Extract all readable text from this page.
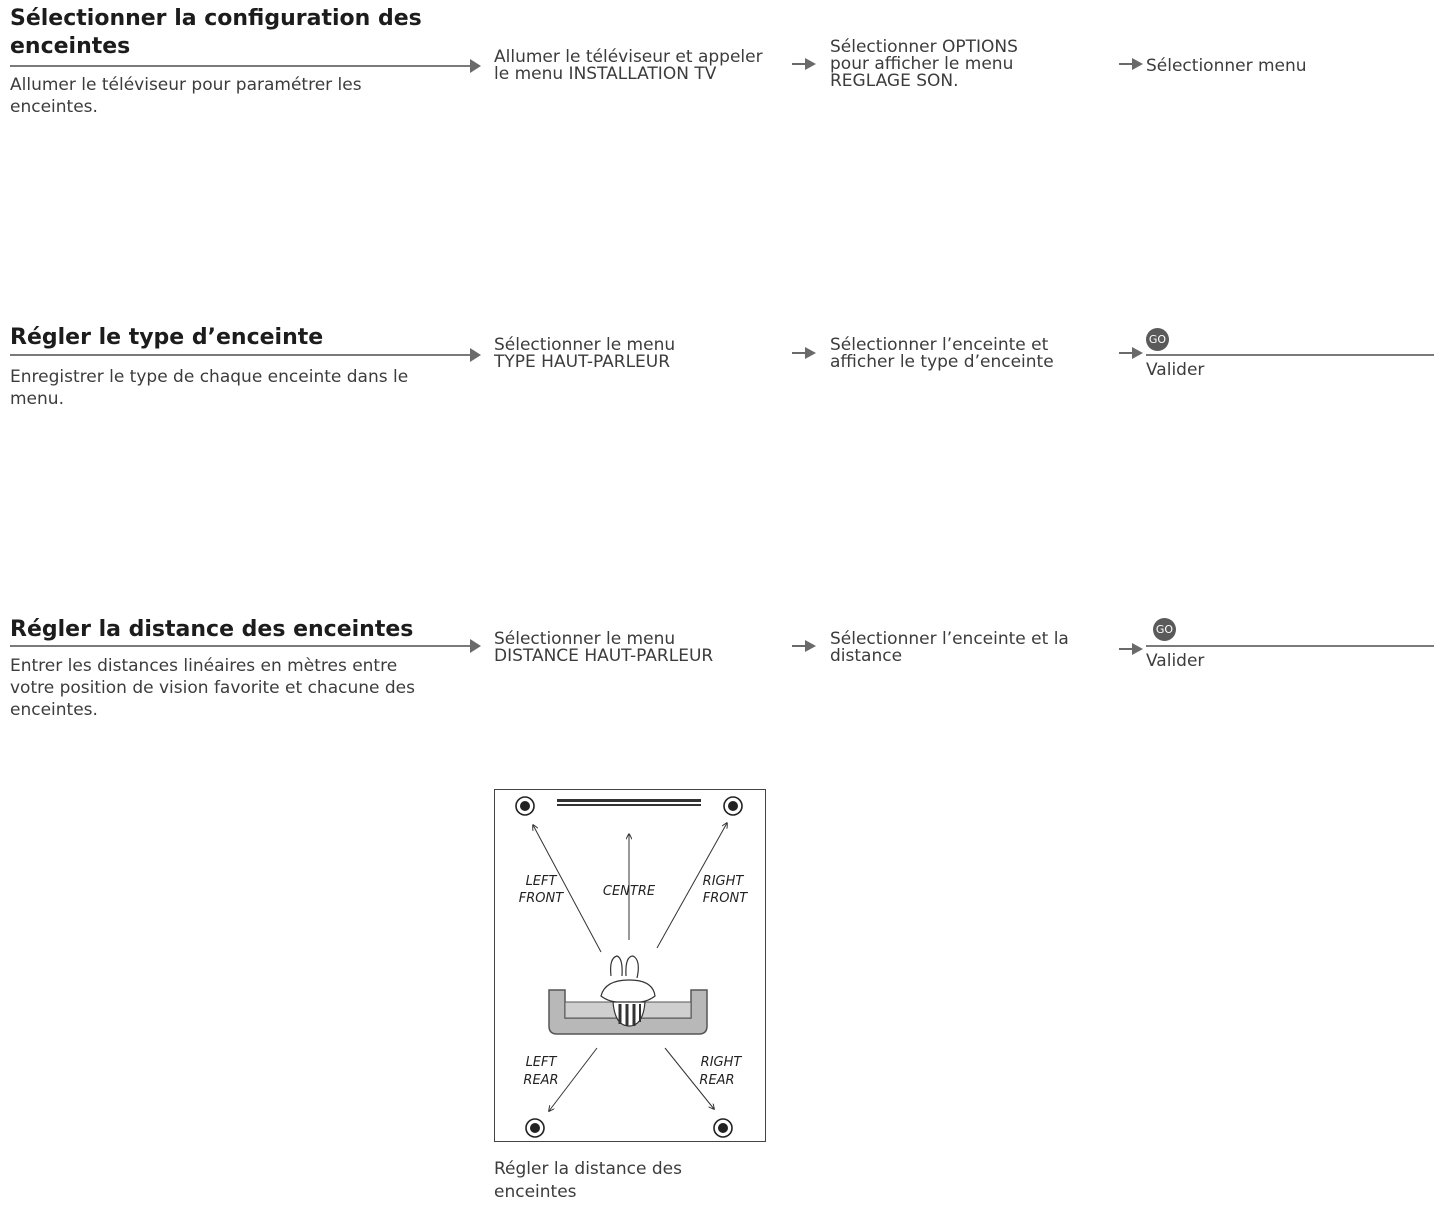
Sélectionner la configuration des
enceintes
Allumer le téléviseur pour paramétrer les
enceintes.
Allumer le téléviseur et appeler
le menu INSTALLATION TV
Sélectionner OPTIONS
pour afficher le menu
REGLAGE SON.
Sélectionner menu
Régler le type d’enceinte
Enregistrer le type de chaque enceinte dans le
menu.
Sélectionner le menu
TYPE HAUT-PARLEUR
Sélectionner l’enceinte et
afficher le type d’enceinte
GO
Valider
Régler la distance des enceintes
Entrer les distances linéaires en mètres entre
votre position de vision favorite et chacune des
enceintes.
Sélectionner le menu
DISTANCE HAUT-PARLEUR
Sélectionner l’enceinte et la
distance
GO
Valider
LEFT
FRONT	CENTRE
RIGHT
FRONT
LEFT
REAR
RIGHT
REAR
Régler la distance des
enceintes
